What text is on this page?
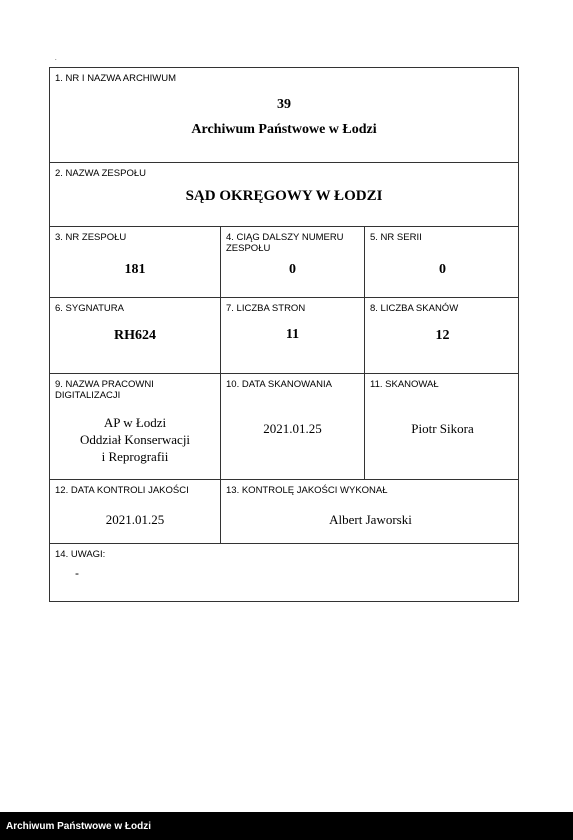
.
1. NR I NAZWA ARCHIWUM
39
Archiwum Państwowe w Łodzi
2. NAZWA ZESPOŁU
SĄD OKRĘGOWY W ŁODZI
3. NR ZESPOŁU
181
4. CIĄG DALSZY NUMERU ZESPOŁU
0
5. NR SERII
0
6. SYGNATURA
RH624
7. LICZBA STRON
11
8. LICZBA SKANÓW
12
9. NAZWA PRACOWNI DIGITALIZACJI
AP w Łodzi
Oddział Konserwacji
i Reprografii
10. DATA SKANOWANIA
2021.01.25
11. SKANOWAŁ
Piotr Sikora
12. DATA KONTROLI JAKOŚCI
2021.01.25
13. KONTROLĘ JAKOŚCI WYKONAŁ
Albert Jaworski
14. UWAGI:
-
Archiwum Państwowe w Łodzi
